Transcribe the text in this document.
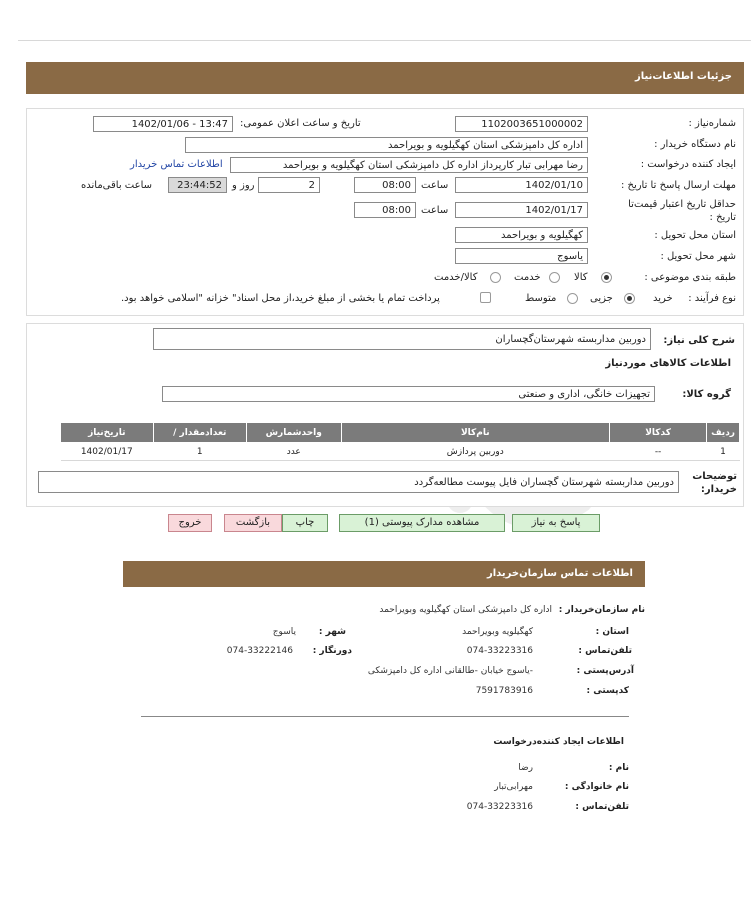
جزئیات اطلاعات‌نیاز
شماره‌نیاز :
1102003651000002
تاریخ و ساعت اعلان عمومی:
1402/01/06 - 13:47
نام دستگاه خریدار :
اداره کل دامپزشکی استان کهگیلویه و بویراحمد
ایجاد کننده درخواست :
رضا مهرابی تبار کارپرداز اداره کل دامپزشکی استان کهگیلویه و بویراحمد
اطلاعات تماس خریدار
مهلت ارسال پاسخ تا تاریخ :
1402/01/10
ساعت
08:00
2
روز و
23:44:52
ساعت باقی‌مانده
حداقل تاریخ اعتبار قیمت‌تا تاریخ :
1402/01/17
ساعت
08:00
استان محل تحویل :
کهگیلویه و بویراحمد
شهر محل تحویل :
یاسوج
طبقه بندی موضوعی :
کالا
خدمت
کالا/خدمت
نوع فرآیند :
خرید
جزیی
متوسط
پرداخت تمام یا بخشی از مبلغ خرید،از محل اسناد" خزانه "اسلامی خواهد بود.
شرح کلی نیاز:
دوربین مداربسته شهرستان‌گچساران
اطلاعات کالاهای موردنیاز
گروه کالا:
تجهیزات خانگی، اداری و صنعتی
ردیف	کدکالا	نام‌کالا	واحدشمارش	تعدادمقدار /	تاریخ‌نیاز
1	--	دوربین پردازش	عدد	1	1402/01/17
توضیحات خریدار:
دوربین مداربسته شهرستان گچساران فایل پیوست مطالعه‌گردد
پاسخ به نیاز
مشاهده مدارک پیوستی (1)
چاپ
بازگشت
خروج
اطلاعات تماس سازمان‌خریدار
نام سازمان‌خریدار :
اداره کل دامپزشکی استان کهگیلویه وبویراحمد
استان :
کهگیلویه وبویراحمد
شهر :
یاسوج
تلفن‌تماس :
074-33223316
دورنگار :
074-33222146
آدرس‌پستی :
-یاسوج خیابان -طالقانی اداره کل دامپزشکی
کدپستی :
7591783916
اطلاعات ایجاد کننده‌درخواست
نام :
رضا
نام خانوادگی :
مهرابی‌تبار
تلفن‌تماس :
074-33223316
